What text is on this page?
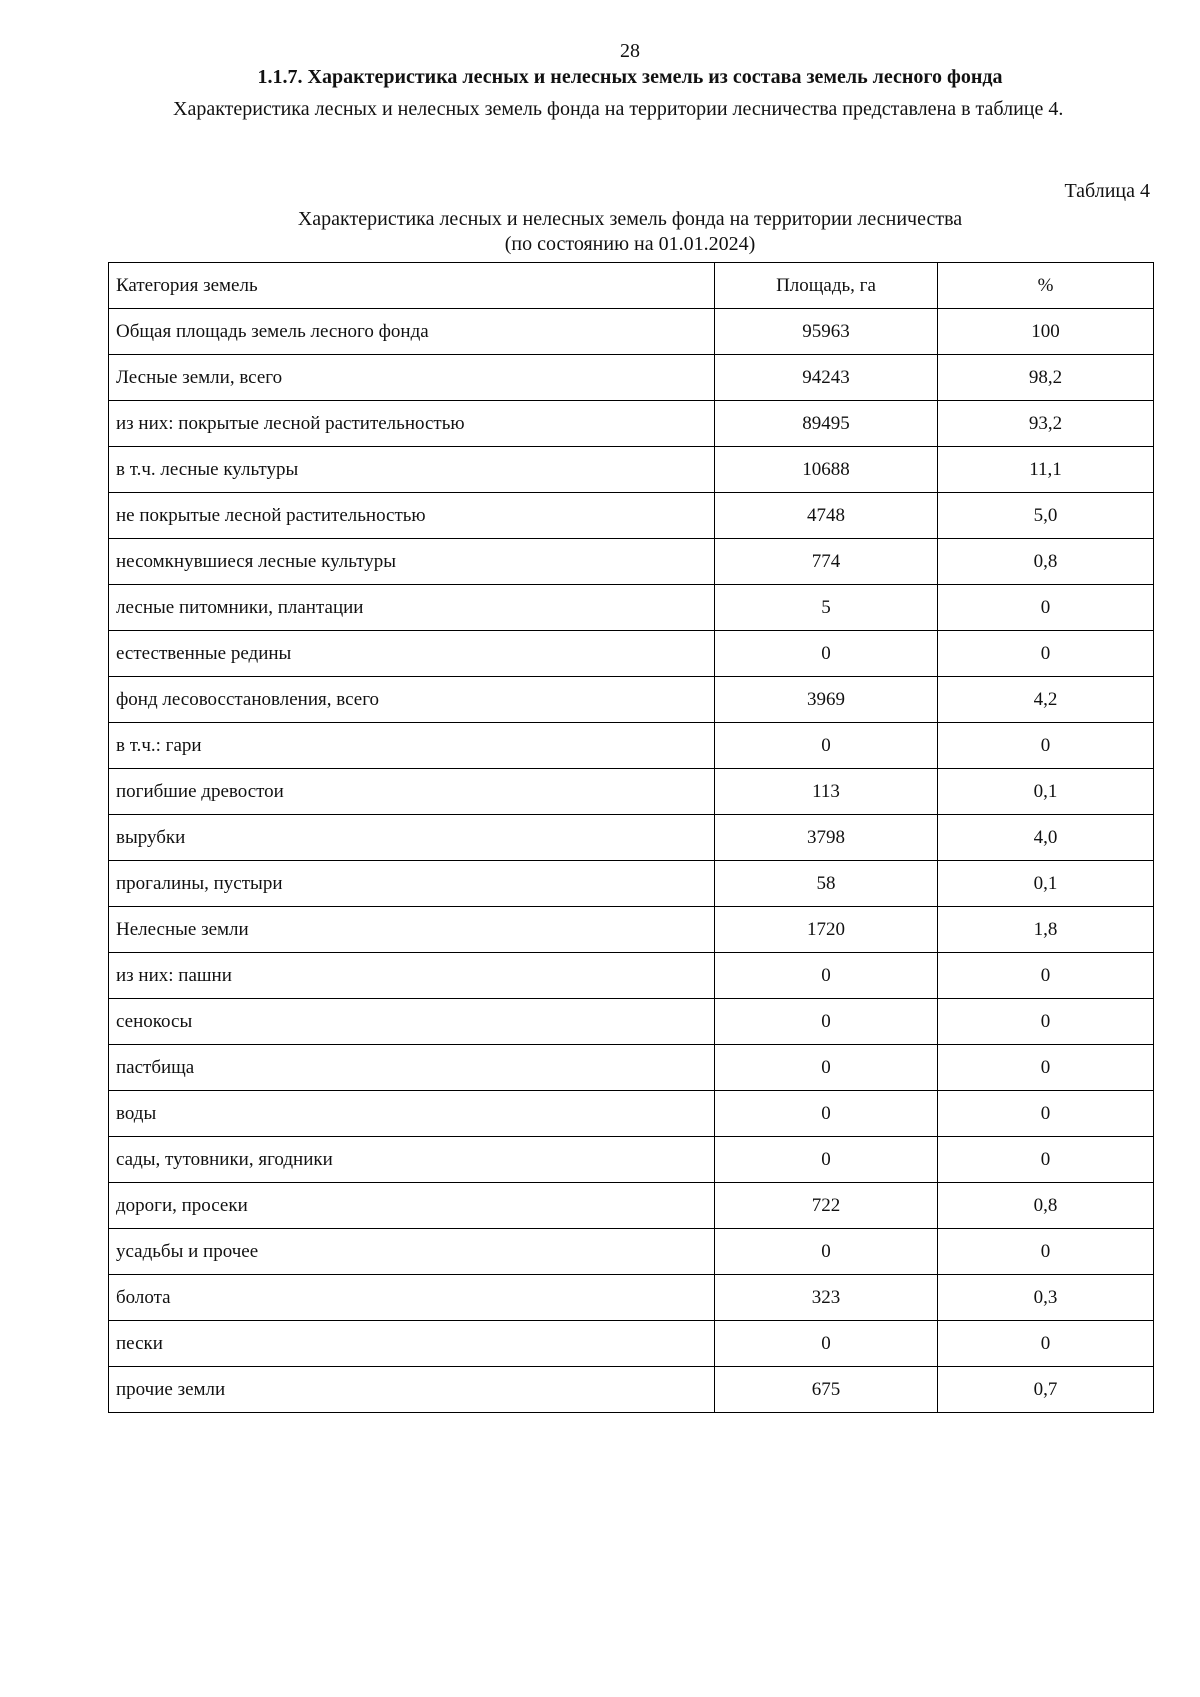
28
1.1.7. Характеристика лесных и нелесных земель из состава земель лесного фонда
Характеристика лесных и нелесных земель фонда на территории лесничества представлена в таблице 4.
Таблица 4
Характеристика лесных и нелесных земель фонда на территории лесничества
(по состоянию на 01.01.2024)
Категория земель	Площадь, га	%
Общая площадь земель лесного фонда	95963	100
Лесные земли, всего	94243	98,2
из них: покрытые лесной растительностью	89495	93,2
в т.ч. лесные культуры	10688	11,1
не покрытые лесной растительностью	4748	5,0
несомкнувшиеся лесные культуры	774	0,8
лесные питомники, плантации	5	0
естественные редины	0	0
фонд лесовосстановления, всего	3969	4,2
в т.ч.: гари	0	0
погибшие древостои	113	0,1
вырубки	3798	4,0
прогалины, пустыри	58	0,1
Нелесные земли	1720	1,8
из них: пашни	0	0
сенокосы	0	0
пастбища	0	0
воды	0	0
сады, тутовники, ягодники	0	0
дороги, просеки	722	0,8
усадьбы и прочее	0	0
болота	323	0,3
пески	0	0
прочие земли	675	0,7
